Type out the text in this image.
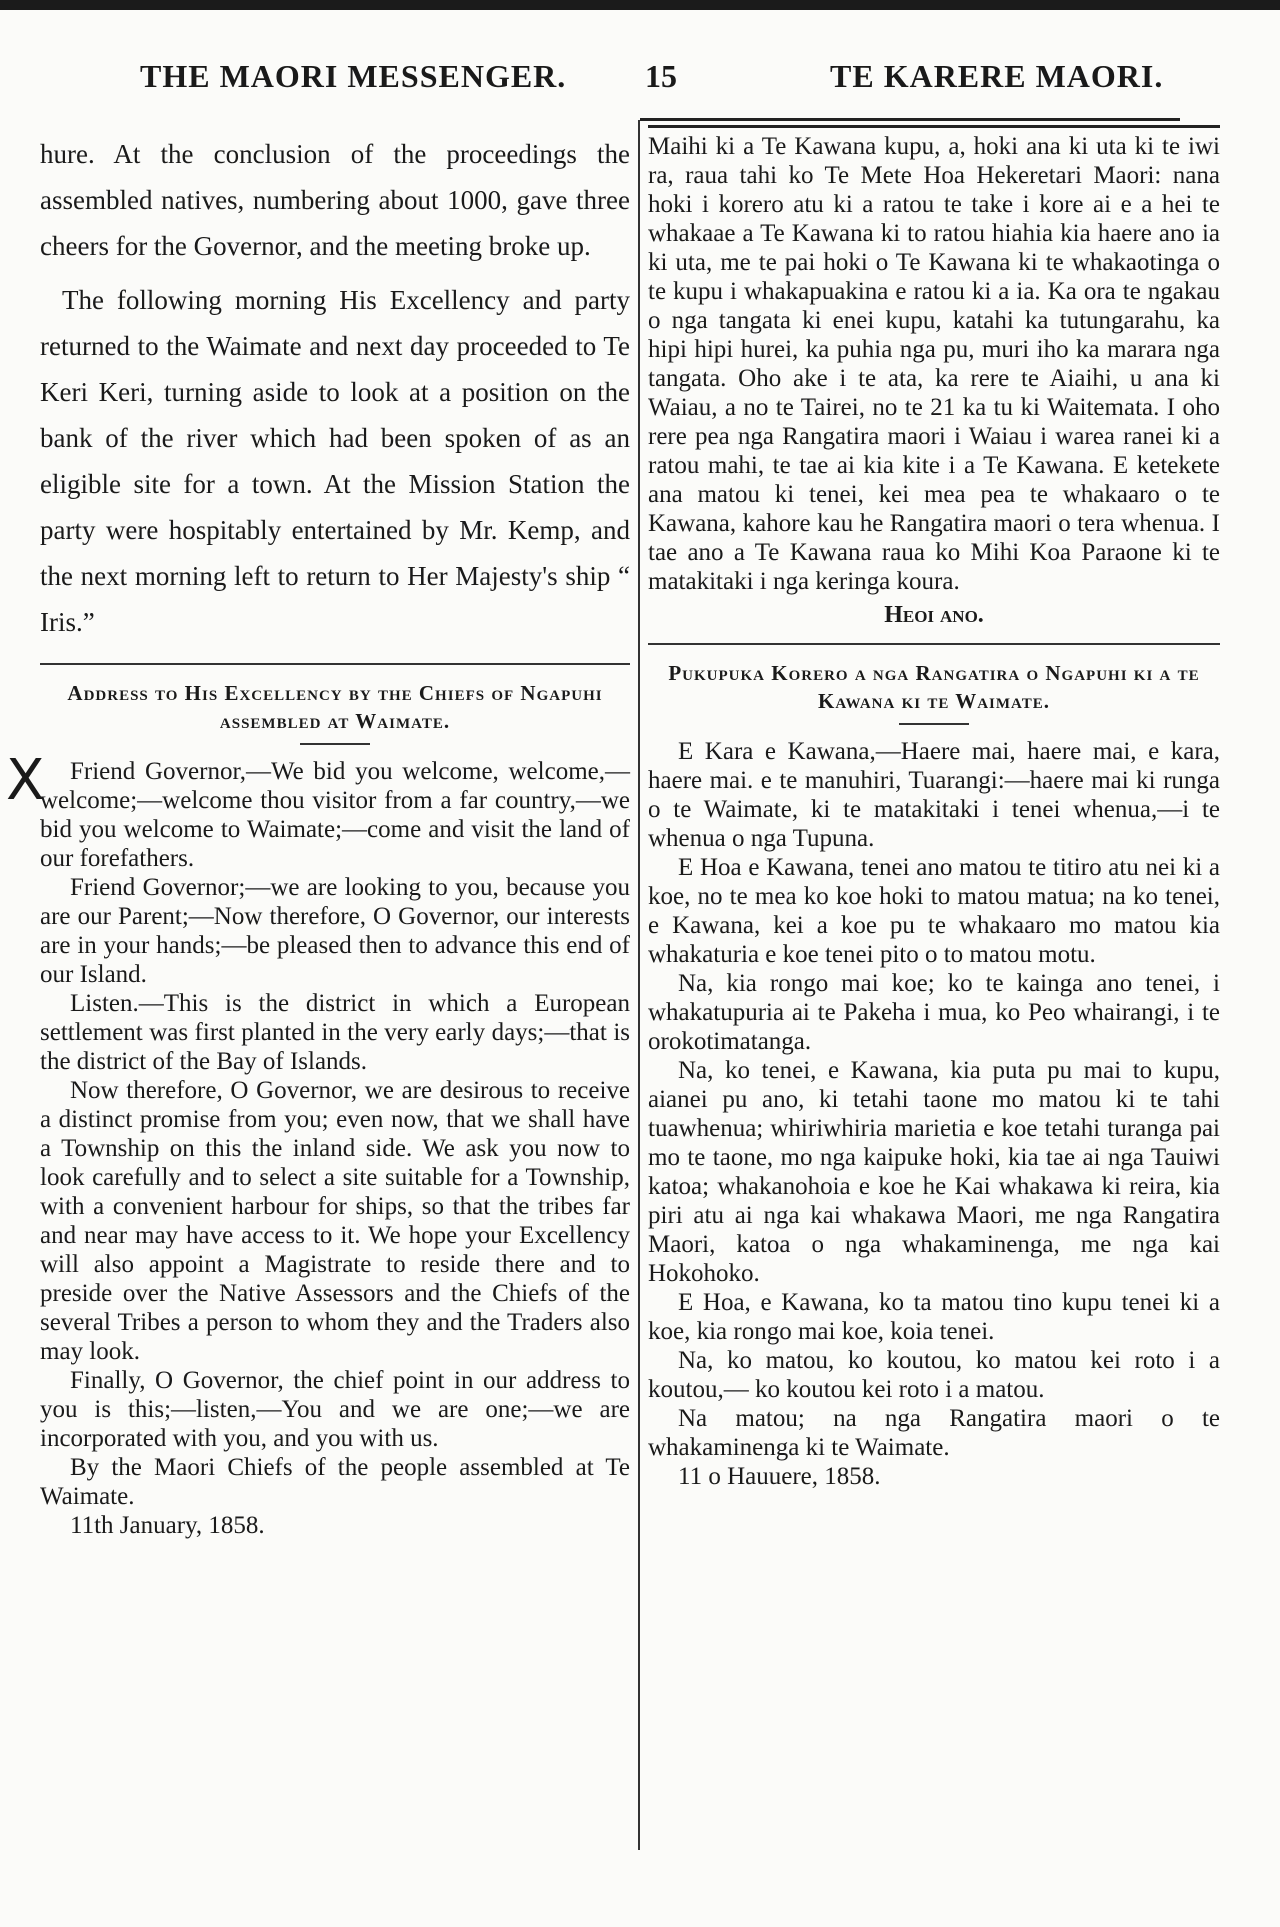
THE MAORI MESSENGER. 15	TE KARERE MAORI.
X

hure. At the conclusion of the proceedings the assembled natives, numbering about 1000, gave three cheers for the Governor, and the meeting broke up.

The following morning His Excellency and party returned to the Waimate and next day proceeded to Te Keri Keri, turning aside to look at a position on the bank of the river which had been spoken of as an eligible site for a town. At the Mission Station the party were hospitably entertained by Mr. Kemp, and the next morning left to return to Her Majesty's ship “ Iris.”

Address to His Excellency by the Chiefs of Ngapuhi assembled at Waimate.

Friend Governor,—We bid you welcome, welcome,—welcome;—welcome thou visitor from a far country,—we bid you welcome to Waimate;—come and visit the land of our forefathers.

Friend Governor;—we are looking to you, because you are our Parent;—Now therefore, O Governor, our interests are in your hands;—be pleased then to advance this end of our Island.

Listen.—This is the district in which a European settlement was first planted in the very early days;—that is the district of the Bay of Islands.

Now therefore, O Governor, we are desirous to receive a distinct promise from you; even now, that we shall have a Township on this the inland side. We ask you now to look carefully and to select a site suitable for a Township, with a convenient harbour for ships, so that the tribes far and near may have access to it. We hope your Excellency will also appoint a Magistrate to reside there and to preside over the Native Assessors and the Chiefs of the several Tribes a person to whom they and the Traders also may look.

Finally, O Governor, the chief point in our address to you is this;—listen,—You and we are one;—we are incorporated with you, and you with us.

By the Maori Chiefs of the people assembled at Te Waimate.

11th January, 1858.

Maihi ki a Te Kawana kupu, a, hoki ana ki uta ki te iwi ra, raua tahi ko Te Mete Hoa Hekeretari Maori: nana hoki i korero atu ki a ratou te take i kore ai e a hei te whakaae a Te Kawana ki to ratou hiahia kia haere ano ia ki uta, me te pai hoki o Te Kawana ki te whakaotinga o te kupu i whakapuakina e ratou ki a ia. Ka ora te ngakau o nga tangata ki enei kupu, katahi ka tutungarahu, ka hipi hipi hurei, ka puhia nga pu, muri iho ka marara nga tangata. Oho ake i te ata, ka rere te Aiaihi, u ana ki Waiau, a no te Tairei, no te 21 ka tu ki Waitemata. I oho rere pea nga Rangatira maori i Waiau i warea ranei ki a ratou mahi, te tae ai kia kite i a Te Kawana. E ketekete ana matou ki tenei, kei mea pea te whakaaro o te Kawana, kahore kau he Rangatira maori o tera whenua. I tae ano a Te Kawana raua ko Mihi Koa Paraone ki te matakitaki i nga keringa koura.

Heoi ano.

Pukupuka Korero a nga Rangatira o Ngapuhi ki a te Kawana ki te Waimate.

E Kara e Kawana,—Haere mai, haere mai, e kara, haere mai. e te manuhiri, Tuarangi:—haere mai ki runga o te Waimate, ki te matakitaki i tenei whenua,—i te whenua o nga Tupuna.

E Hoa e Kawana, tenei ano matou te titiro atu nei ki a koe, no te mea ko koe hoki to matou matua; na ko tenei, e Kawana, kei a koe pu te whakaaro mo matou kia whakaturia e koe tenei pito o to matou motu.

Na, kia rongo mai koe; ko te kainga ano tenei, i whakatupuria ai te Pakeha i mua, ko Peo whairangi, i te orokotimatanga.

Na, ko tenei, e Kawana, kia puta pu mai to kupu, aianei pu ano, ki tetahi taone mo matou ki te tahi tuawhenua; whiriwhiria marietia e koe tetahi turanga pai mo te taone, mo nga kaipuke hoki, kia tae ai nga Tauiwi katoa; whakanohoia e koe he Kai whakawa ki reira, kia piri atu ai nga kai whakawa Maori, me nga Rangatira Maori, katoa o nga whakaminenga, me nga kai Hokohoko.

E Hoa, e Kawana, ko ta matou tino kupu tenei ki a koe, kia rongo mai koe, koia tenei.

Na, ko matou, ko koutou, ko matou kei roto i a koutou,— ko koutou kei roto i a matou.

Na matou; na nga Rangatira maori o te whakaminenga ki te Waimate.

11 o Hauuere, 1858.
